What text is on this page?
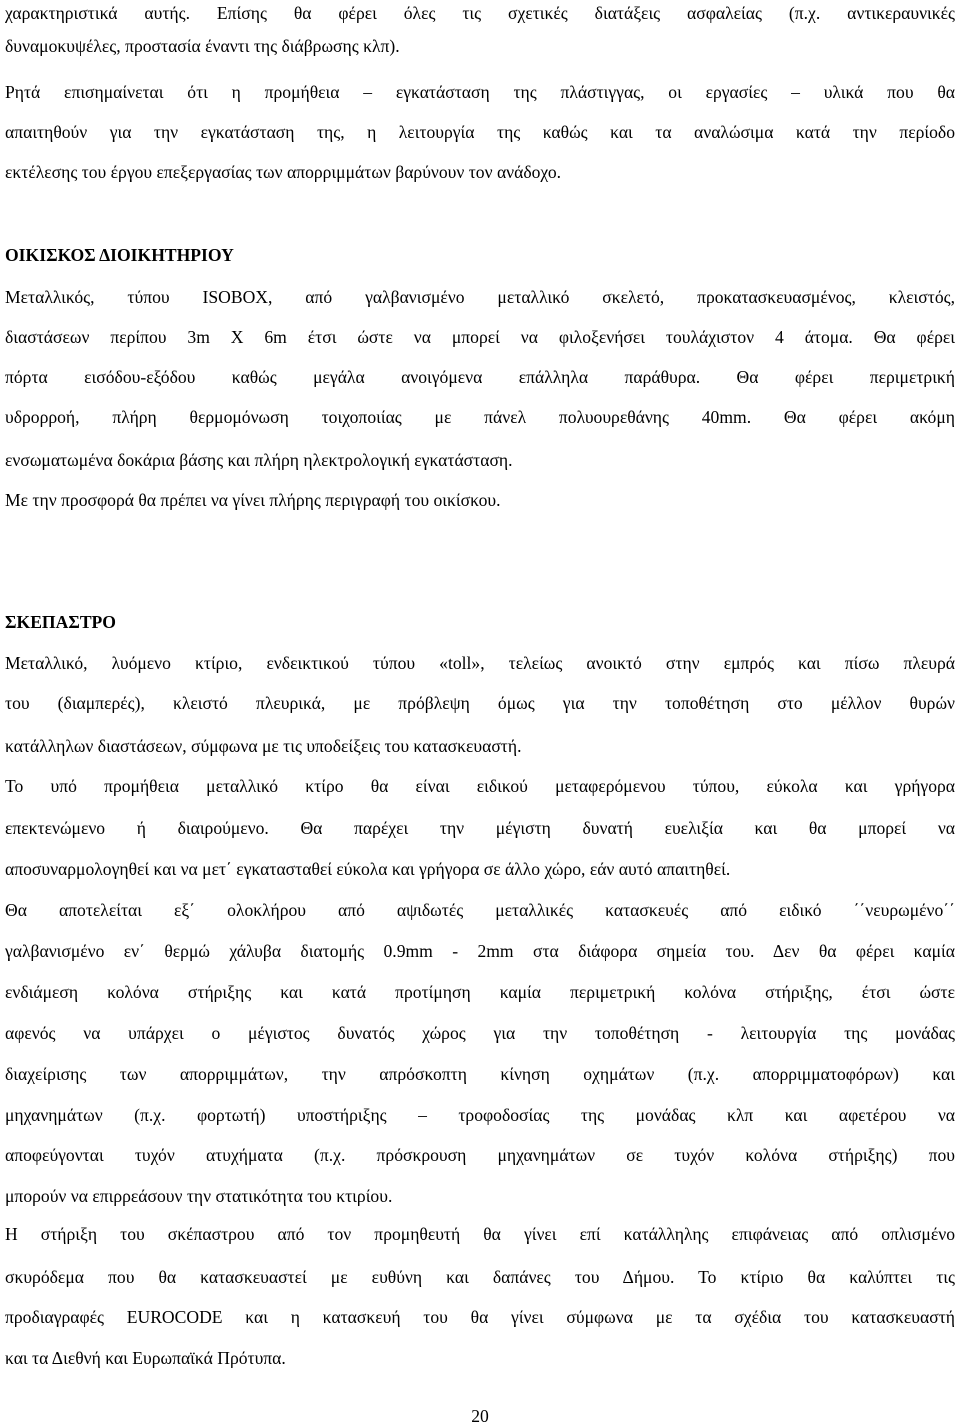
χαρακτηριστικά αυτής. Επίσης θα φέρει όλες τις σχετικές διατάξεις ασφαλείας (π.χ. αντικεραυνικές
δυναμοκυψέλες, προστασία έναντι της διάβρωσης κλπ).
Ρητά επισημαίνεται ότι η προμήθεια – εγκατάσταση της πλάστιγγας, οι εργασίες – υλικά που θα
απαιτηθούν για την εγκατάσταση της, η λειτουργία της καθώς και τα αναλώσιμα κατά την περίοδο
εκτέλεσης του έργου επεξεργασίας των απορριμμάτων βαρύνουν τον ανάδοχο.
ΟΙΚΙΣΚΟΣ ΔΙΟΙΚΗΤΗΡΙΟΥ
Μεταλλικός, τύπου ISOBOX, από γαλβανισμένο μεταλλικό σκελετό, προκατασκευασμένος, κλειστός,
διαστάσεων περίπου 3m X 6m έτσι ώστε να μπορεί να φιλοξενήσει τουλάχιστον 4 άτομα. Θα φέρει
πόρτα εισόδου-εξόδου καθώς μεγάλα ανοιγόμενα επάλληλα παράθυρα. Θα φέρει περιμετρική
υδρορροή, πλήρη θερμομόνωση τοιχοποιίας με πάνελ πολυουρεθάνης 40mm. Θα φέρει ακόμη
ενσωματωμένα δοκάρια βάσης και πλήρη ηλεκτρολογική εγκατάσταση.
Με την προσφορά θα πρέπει να γίνει πλήρης περιγραφή του οικίσκου.
ΣΚΕΠΑΣΤΡΟ
Μεταλλικό, λυόμενο κτίριο, ενδεικτικού τύπου «toll», τελείως ανοικτό στην εμπρός και πίσω πλευρά
του (διαμπερές), κλειστό πλευρικά, με πρόβλεψη όμως για την τοποθέτηση στο μέλλον θυρών
κατάλληλων διαστάσεων, σύμφωνα με τις υποδείξεις του κατασκευαστή.
Το υπό προμήθεια μεταλλικό κτίρο θα είναι ειδικού μεταφερόμενου τύπου, εύκολα και γρήγορα
επεκτενώμενο ή διαιρούμενο. Θα παρέχει την μέγιστη δυνατή ευελιξία και θα μπορεί να
αποσυναρμολογηθεί και να μετ΄ εγκατασταθεί εύκολα και γρήγορα σε άλλο χώρο, εάν αυτό απαιτηθεί.
Θα αποτελείται εξ΄ ολοκλήρου από αψιδωτές μεταλλικές κατασκευές από ειδικό ΄΄νευρωμένο΄΄
γαλβανισμένο εν΄ θερμώ χάλυβα διατομής 0.9mm - 2mm στα διάφορα σημεία του. Δεν θα φέρει καμία
ενδιάμεση κολόνα στήριξης και κατά προτίμηση καμία περιμετρική κολόνα στήριξης, έτσι ώστε
αφενός να υπάρχει ο μέγιστος δυνατός χώρος για την τοποθέτηση - λειτουργία της μονάδας
διαχείρισης των απορριμμάτων, την απρόσκοπτη κίνηση οχημάτων (π.χ. απορριμματοφόρων) και
μηχανημάτων (π.χ. φορτωτή) υποστήριξης – τροφοδοσίας της μονάδας κλπ και αφετέρου να
αποφεύγονται τυχόν ατυχήματα (π.χ. πρόσκρουση μηχανημάτων σε τυχόν κολόνα στήριξης) που
μπορούν να επιρρεάσουν την στατικότητα του κτιρίου.
Η στήριξη του σκέπαστρου από τον προμηθευτή θα γίνει επί κατάλληλης επιφάνειας από οπλισμένο
σκυρόδεμα που θα κατασκευαστεί με ευθύνη και δαπάνες του Δήμου. Το κτίριο θα καλύπτει τις
προδιαγραφές EUROCODE και η κατασκευή του θα γίνει σύμφωνα με τα σχέδια του κατασκευαστή
και τα Διεθνή και Ευρωπαϊκά Πρότυπα.
20
